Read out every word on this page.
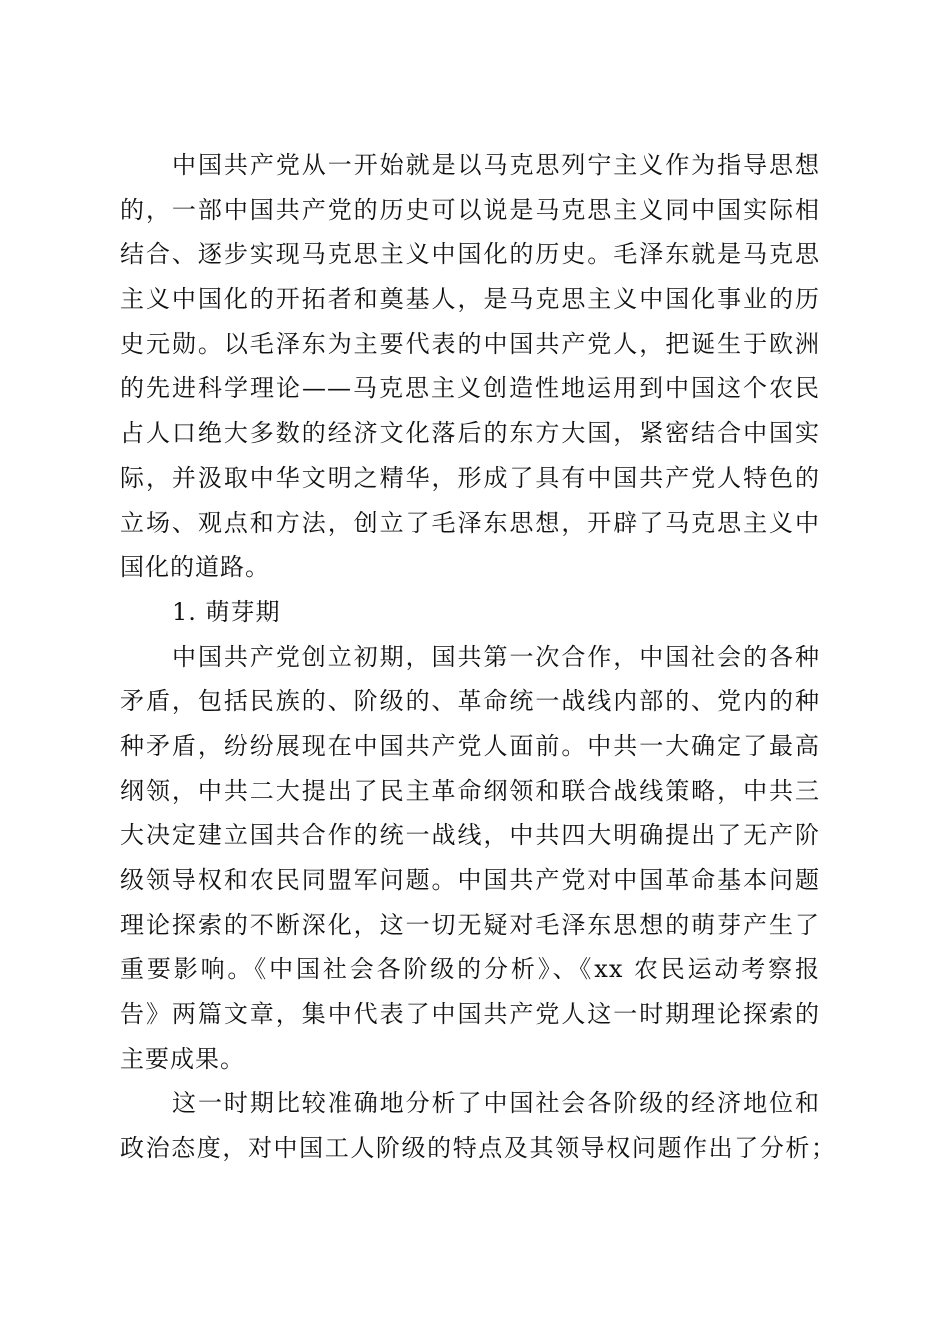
中国共产党从一开始就是以马克思列宁主义作为指导思想
的，一部中国共产党的历史可以说是马克思主义同中国实际相
结合、逐步实现马克思主义中国化的历史。毛泽东就是马克思
主义中国化的开拓者和奠基人，是马克思主义中国化事业的历
史元勋。以毛泽东为主要代表的中国共产党人，把诞生于欧洲
的先进科学理论——马克思主义创造性地运用到中国这个农民
占人口绝大多数的经济文化落后的东方大国，紧密结合中国实
际，并汲取中华文明之精华，形成了具有中国共产党人特色的
立场、观点和方法，创立了毛泽东思想，开辟了马克思主义中
国化的道路。
1. 萌芽期
中国共产党创立初期，国共第一次合作，中国社会的各种
矛盾，包括民族的、阶级的、革命统一战线内部的、党内的种
种矛盾，纷纷展现在中国共产党人面前。中共一大确定了最高
纲领，中共二大提出了民主革命纲领和联合战线策略，中共三
大决定建立国共合作的统一战线，中共四大明确提出了无产阶
级领导权和农民同盟军问题。中国共产党对中国革命基本问题
理论探索的不断深化，这一切无疑对毛泽东思想的萌芽产生了
重要影响。《中国社会各阶级的分析》、《xx 农民运动考察报
告》两篇文章，集中代表了中国共产党人这一时期理论探索的
主要成果。
这一时期比较准确地分析了中国社会各阶级的经济地位和
政治态度，对中国工人阶级的特点及其领导权问题作出了分析；
